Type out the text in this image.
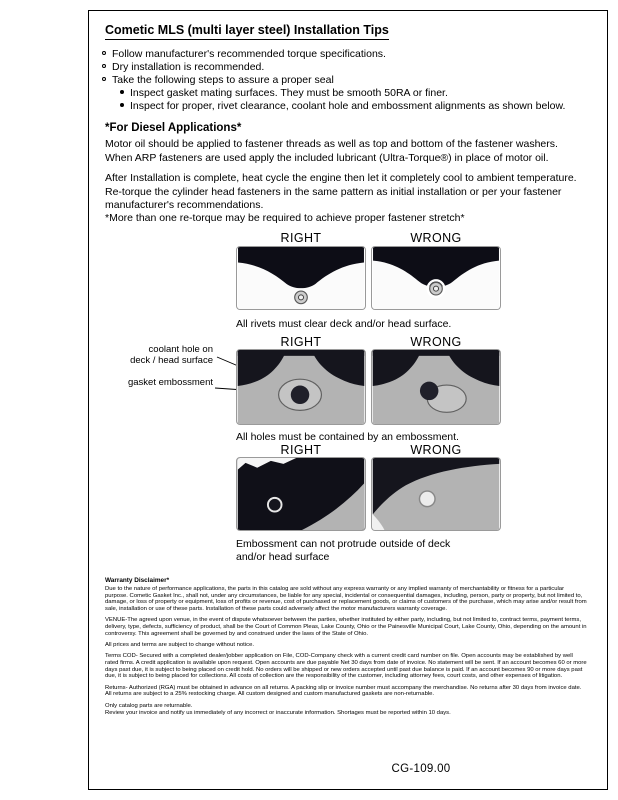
Cometic MLS (multi layer steel) Installation Tips
Follow manufacturer's recommended torque specifications.
Dry installation is recommended.
Take the following steps to assure a proper seal
Inspect gasket mating surfaces. They must be smooth 50RA or finer.
Inspect for proper, rivet clearance, coolant hole and embossment alignments as shown below.
*For Diesel Applications*
Motor oil should be applied to fastener threads as well as top and bottom of the fastener washers. When ARP fasteners are used apply the included lubricant (Ultra-Torque®) in place of motor oil.
After Installation is complete, heat cycle the engine then let it completely cool to ambient temperature. Re-torque the cylinder head fasteners in the same pattern as initial installation or per your fastener manufacturer's recommendations.
*More than one re-torque may be required to achieve proper fastener stretch*
RIGHT	WRONG
All rivets must clear deck and/or head surface.
RIGHT	WRONG
coolant hole on
deck / head surface
gasket embossment
All holes must be contained by an embossment.
RIGHT	WRONG
Embossment can not protrude outside of deck
and/or head surface
Warranty Disclaimer*

Due to the nature of performance applications, the parts in this catalog are sold without any express warranty or any implied warranty of merchantability or fitness for a particular purpose. Cometic Gasket Inc., shall not, under any circumstances, be liable for any special, incidental or consequential damages, including, person, party or property, but not limited to, damage, or loss of property or equipment, loss of profits or revenue, cost of purchased or replacement goods, or claims of customers of the purchase, which may arise and/or result from sale, installation or use of these parts. Installation of these parts could adversely affect the motor manufacturers warranty coverage.

VENUE-The agreed upon venue, in the event of dispute whatsoever between the parties, whether instituted by either party, including, but not limited to, contract terms, payment terms, delivery, type, defects, sufficiency of product, shall be the Court of Common Pleas, Lake County, Ohio or the Painesville Municipal Court, Lake County, Ohio, depending on the amount in controversy. This agreement shall be governed by and construed under the laws of the State of Ohio.

All prices and terms are subject to change without notice.

Terms COD- Secured with a completed dealer/jobber application on File, COD-Company check with a current credit card number on file. Open accounts may be established by well rated firms. A credit application is available upon request. Open accounts are due payable Net 30 days from date of invoice. No statement will be sent. If an account becomes 60 or more days past due, it is subject to being placed on credit hold. No orders will be shipped or new orders accepted until past due balance is paid. If an account becomes 90 or more days past due, it is subject to being placed for collections. All costs of collection are the responsibility of the customer, including attorney fees, court costs, and other expenses of litigation.

Returns- Authorized (RGA) must be obtained in advance on all returns. A packing slip or invoice number must accompany the merchandise. No returns after 30 days from invoice date. All returns are subject to a 25% restocking charge. All custom designed and custom manufactured gaskets are non-returnable.

Only catalog parts are returnable.

Review your invoice and notify us immediately of any incorrect or inaccurate information. Shortages must be reported within 10 days.

CG-109.00
